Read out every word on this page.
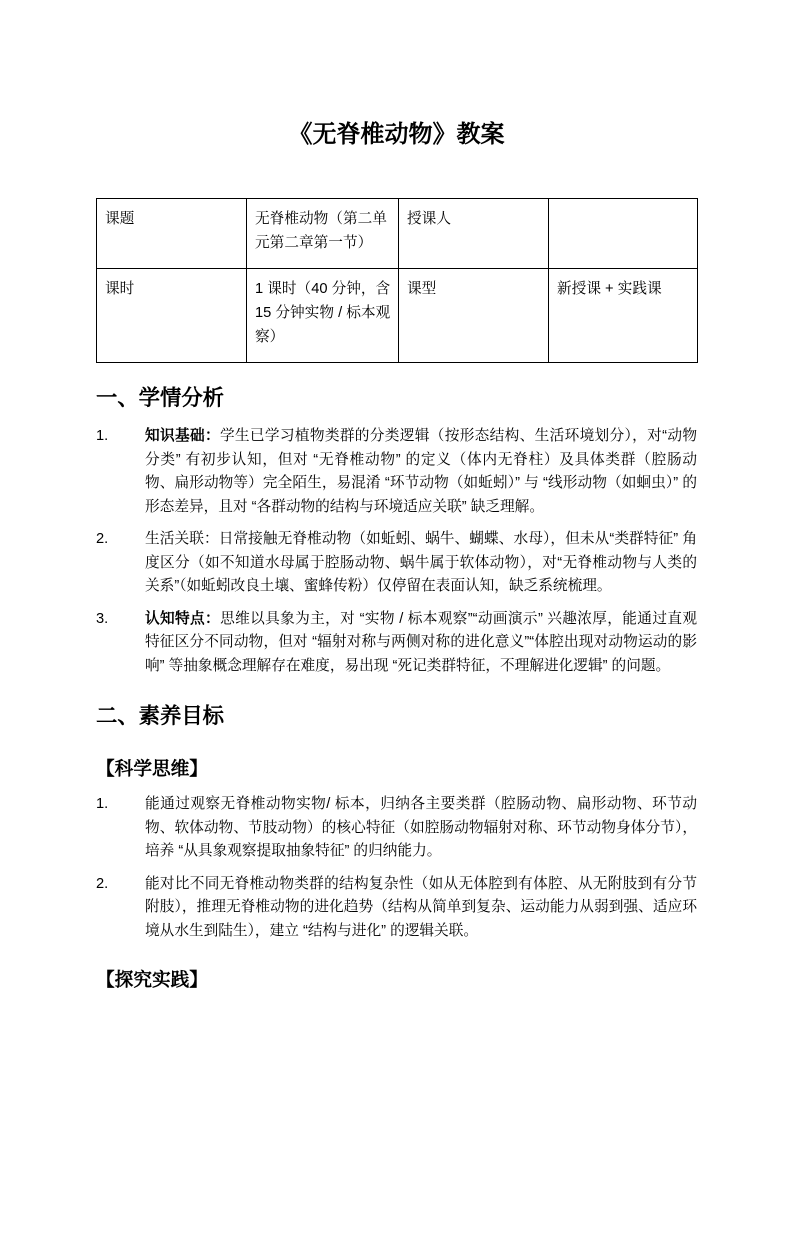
《无脊椎动物》教案
课题	无脊椎动物（第二单元第二章第一节）	授课人	
课时	1 课时（40 分钟，含 15 分钟实物 / 标本观察）	课型	新授课 + 实践课
一、学情分析
1.	知识基础：学生已学习植物类群的分类逻辑（按形态结构、生活环境划分），对“动物分类” 有初步认知，但对 “无脊椎动物” 的定义（体内无脊柱）及具体类群（腔肠动物、扁形动物等）完全陌生，易混淆 “环节动物（如蚯蚓）” 与 “线形动物（如蛔虫）” 的形态差异，且对 “各群动物的结构与环境适应关联” 缺乏理解。
2.	生活关联：日常接触无脊椎动物（如蚯蚓、蜗牛、蝴蝶、水母），但未从“类群特征” 角度区分（如不知道水母属于腔肠动物、蜗牛属于软体动物），对“无脊椎动物与人类的关系”（如蚯蚓改良土壤、蜜蜂传粉）仅停留在表面认知，缺乏系统梳理。
3.	认知特点：思维以具象为主，对 “实物 / 标本观察”“动画演示” 兴趣浓厚，能通过直观特征区分不同动物，但对 “辐射对称与两侧对称的进化意义”“体腔出现对动物运动的影响” 等抽象概念理解存在难度，易出现 “死记类群特征，不理解进化逻辑” 的问题。
二、素养目标
【科学思维】
1.	能通过观察无脊椎动物实物/ 标本，归纳各主要类群（腔肠动物、扁形动物、环节动物、软体动物、节肢动物）的核心特征（如腔肠动物辐射对称、环节动物身体分节），培养 “从具象观察提取抽象特征” 的归纳能力。
2.	能对比不同无脊椎动物类群的结构复杂性（如从无体腔到有体腔、从无附肢到有分节附肢），推理无脊椎动物的进化趋势（结构从简单到复杂、运动能力从弱到强、适应环境从水生到陆生），建立 “结构与进化” 的逻辑关联。
【探究实践】
